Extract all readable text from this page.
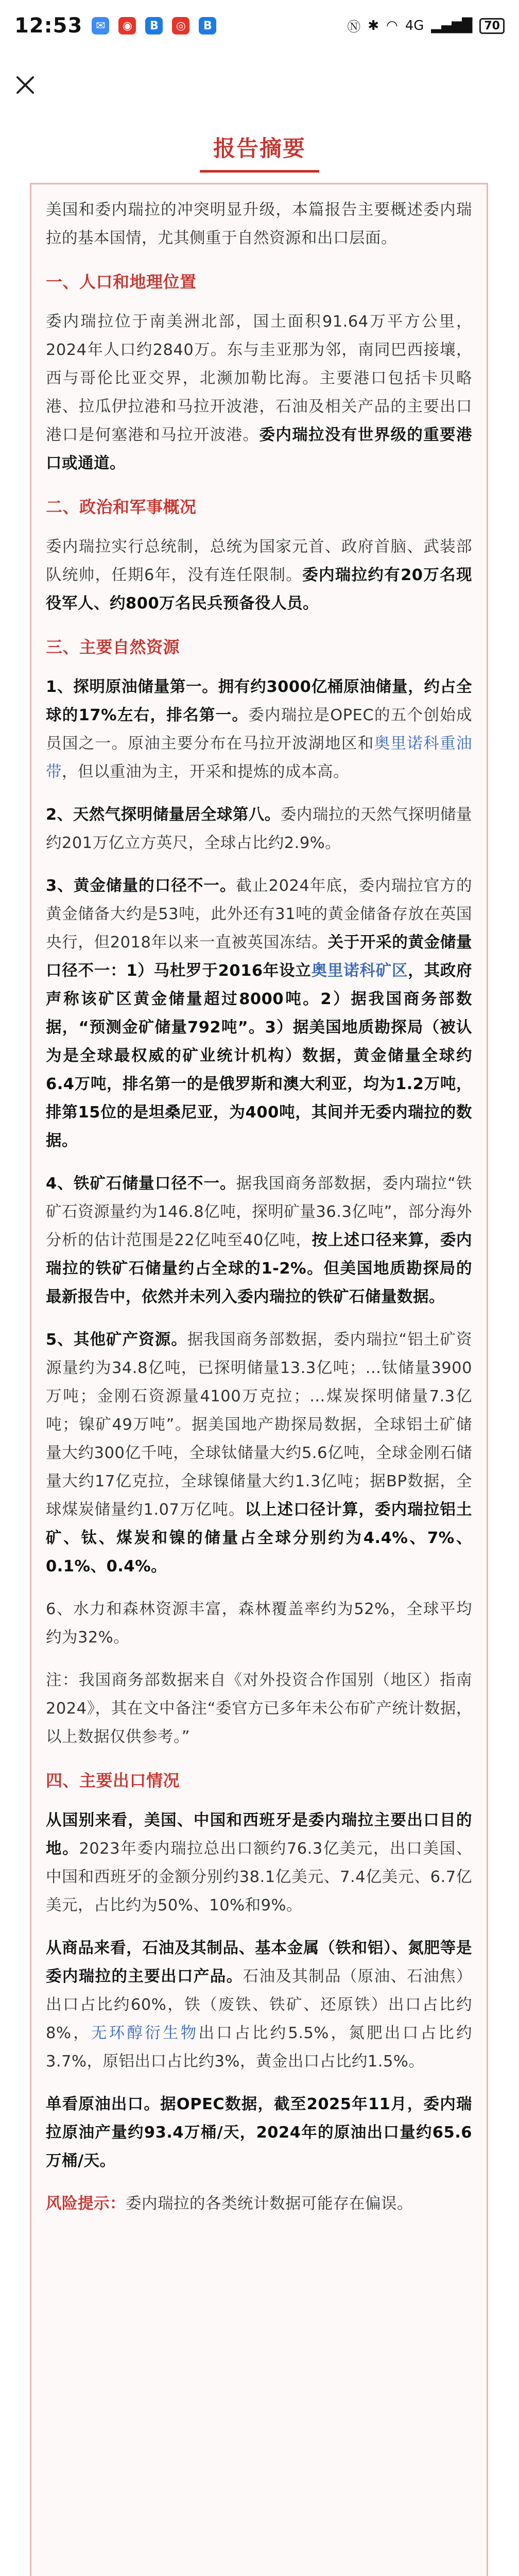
12:53	✉	◉	B	◎	B	Ⓝ ✱ ◠ 4G ▂▄▆█	70
报告摘要

美国和委内瑞拉的冲突明显升级，本篇报告主要概述委内瑞拉的基本国情，尤其侧重于自然资源和出口层面。

一、人口和地理位置

委内瑞拉位于南美洲北部，国土面积91.64万平方公里，2024年人口约2840万。东与圭亚那为邻，南同巴西接壤，西与哥伦比亚交界，北濒加勒比海。主要港口包括卡贝略港、拉瓜伊拉港和马拉开波港，石油及相关产品的主要出口港口是何塞港和马拉开波港。委内瑞拉没有世界级的重要港口或通道。

二、政治和军事概况

委内瑞拉实行总统制，总统为国家元首、政府首脑、武装部队统帅，任期6年，没有连任限制。委内瑞拉约有20万名现役军人、约800万名民兵预备役人员。

三、主要自然资源

1、探明原油储量第一。拥有约3000亿桶原油储量，约占全球的17%左右，排名第一。委内瑞拉是OPEC的五个创始成员国之一。原油主要分布在马拉开波湖地区和奥里诺科重油带，但以重油为主，开采和提炼的成本高。

2、天然气探明储量居全球第八。委内瑞拉的天然气探明储量约201万亿立方英尺，全球占比约2.9%。

3、黄金储量的口径不一。截止2024年底，委内瑞拉官方的黄金储备大约是53吨，此外还有31吨的黄金储备存放在英国央行，但2018年以来一直被英国冻结。关于开采的黄金储量口径不一：1）马杜罗于2016年设立奥里诺科矿区，其政府声称该矿区黄金储量超过8000吨。2）据我国商务部数据，“预测金矿储量792吨”。3）据美国地质勘探局（被认为是全球最权威的矿业统计机构）数据，黄金储量全球约6.4万吨，排名第一的是俄罗斯和澳大利亚，均为1.2万吨，排第15位的是坦桑尼亚，为400吨，其间并无委内瑞拉的数据。

4、铁矿石储量口径不一。据我国商务部数据，委内瑞拉“铁矿石资源量约为146.8亿吨，探明矿量36.3亿吨”，部分海外分析的估计范围是22亿吨至40亿吨，按上述口径来算，委内瑞拉的铁矿石储量约占全球的1-2%。但美国地质勘探局的最新报告中，依然并未列入委内瑞拉的铁矿石储量数据。

5、其他矿产资源。据我国商务部数据，委内瑞拉“铝土矿资源量约为34.8亿吨，已探明储量13.3亿吨；...钛储量3900万吨；金刚石资源量4100万克拉；...煤炭探明储量7.3亿吨；镍矿49万吨”。据美国地产勘探局数据，全球铝土矿储量大约300亿千吨，全球钛储量大约5.6亿吨，全球金刚石储量大约17亿克拉，全球镍储量大约1.3亿吨；据BP数据，全球煤炭储量约1.07万亿吨。以上述口径计算，委内瑞拉铝土矿、钛、煤炭和镍的储量占全球分别约为4.4%、7%、0.1%、0.4%。

6、水力和森林资源丰富，森林覆盖率约为52%，全球平均约为32%。

注：我国商务部数据来自《对外投资合作国别（地区）指南2024》，其在文中备注“委官方已多年未公布矿产统计数据，以上数据仅供参考。”

四、主要出口情况

从国别来看，美国、中国和西班牙是委内瑞拉主要出口目的地。2023年委内瑞拉总出口额约76.3亿美元，出口美国、中国和西班牙的金额分别约38.1亿美元、7.4亿美元、6.7亿美元，占比约为50%、10%和9%。

从商品来看，石油及其制品、基本金属（铁和铝）、氮肥等是委内瑞拉的主要出口产品。石油及其制品（原油、石油焦）出口占比约60%，铁（废铁、铁矿、还原铁）出口占比约8%，无环醇衍生物出口占比约5.5%，氮肥出口占比约3.7%，原铝出口占比约3%，黄金出口占比约1.5%。

单看原油出口。据OPEC数据，截至2025年11月，委内瑞拉原油产量约93.4万桶/天，2024年的原油出口量约65.6万桶/天。

风险提示：委内瑞拉的各类统计数据可能存在偏误。
